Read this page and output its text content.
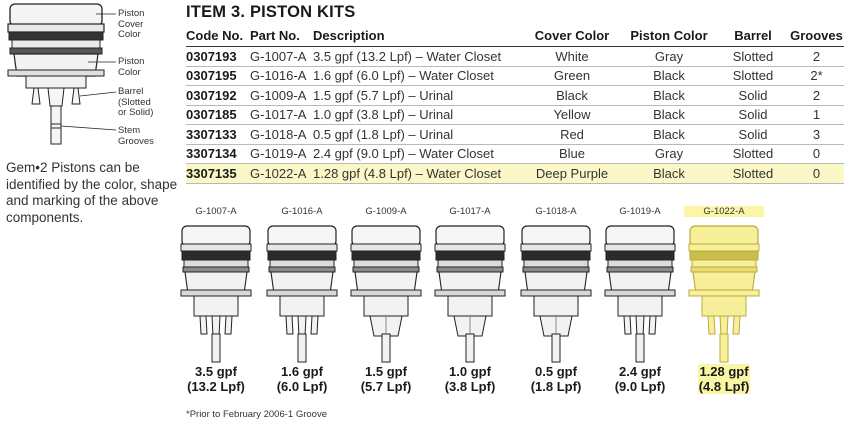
Piston
Cover
Color
Piston
Color
Barrel
(Slotted
or Solid)
Stem
Grooves
Gem•2 Pistons can be identified by the color, shape and marking of the above components.
ITEM 3. PISTON KITS
Code No.	Part No.	Description	Cover Color	Piston Color	Barrel	Grooves
0307193	G-1007-A	3.5 gpf (13.2 Lpf) – Water Closet	White	Gray	Slotted	2
0307195	G-1016-A	1.6 gpf (6.0 Lpf) – Water Closet	Green	Black	Slotted	2*
0307192	G-1009-A	1.5 gpf (5.7 Lpf) – Urinal	Black	Black	Solid	2
0307185	G-1017-A	1.0 gpf (3.8 Lpf) – Urinal	Yellow	Black	Solid	1
3307133	G-1018-A	0.5 gpf (1.8 Lpf) – Urinal	Red	Black	Solid	3
3307134	G-1019-A	2.4 gpf (9.0 Lpf) – Water Closet	Blue	Gray	Slotted	0
3307135	G-1022-A	1.28 gpf (4.8 Lpf) – Water Closet	Deep Purple	Black	Slotted	0
G-1007-A
3.5 gpf
(13.2 Lpf)
G-1016-A
1.6 gpf
(6.0 Lpf)
G-1009-A
1.5 gpf
(5.7 Lpf)
G-1017-A
1.0 gpf
(3.8 Lpf)
G-1018-A
0.5 gpf
(1.8 Lpf)
G-1019-A
2.4 gpf
(9.0 Lpf)
G-1022-A
1.28 gpf
(4.8 Lpf)
*Prior to February 2006-1 Groove
